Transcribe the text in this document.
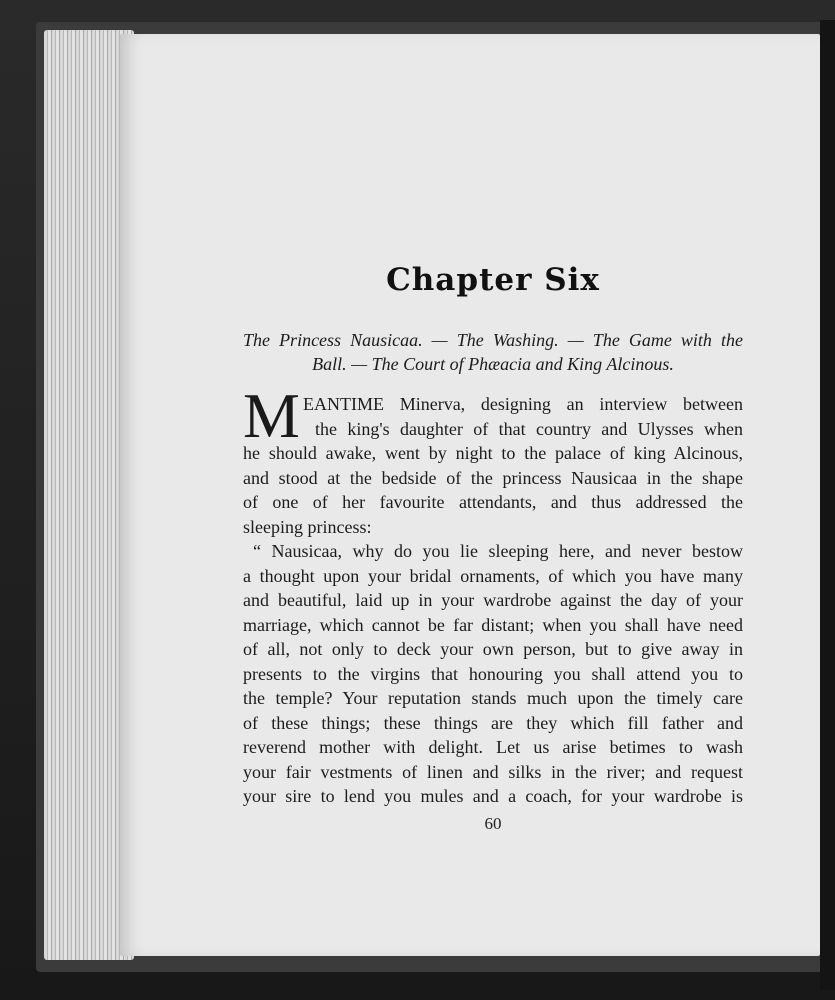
Chapter Six
The Princess Nausicaa. — The Washing. — The Game with the
Ball. — The Court of Phæacia and King Alcinous.
M EANTIME Minerva, designing an interview between
the king's daughter of that country and Ulysses when
he should awake, went by night to the palace of king Alcinous,
and stood at the bedside of the princess Nausicaa in the shape
of one of her favourite attendants, and thus addressed the
sleeping princess:
“ Nausicaa, why do you lie sleeping here, and never bestow
a thought upon your bridal ornaments, of which you have many
and beautiful, laid up in your wardrobe against the day of your
marriage, which cannot be far distant; when you shall have need
of all, not only to deck your own person, but to give away in
presents to the virgins that honouring you shall attend you to
the temple? Your reputation stands much upon the timely care
of these things; these things are they which fill father and
reverend mother with delight. Let us arise betimes to wash
your fair vestments of linen and silks in the river; and request
your sire to lend you mules and a coach, for your wardrobe is
60
